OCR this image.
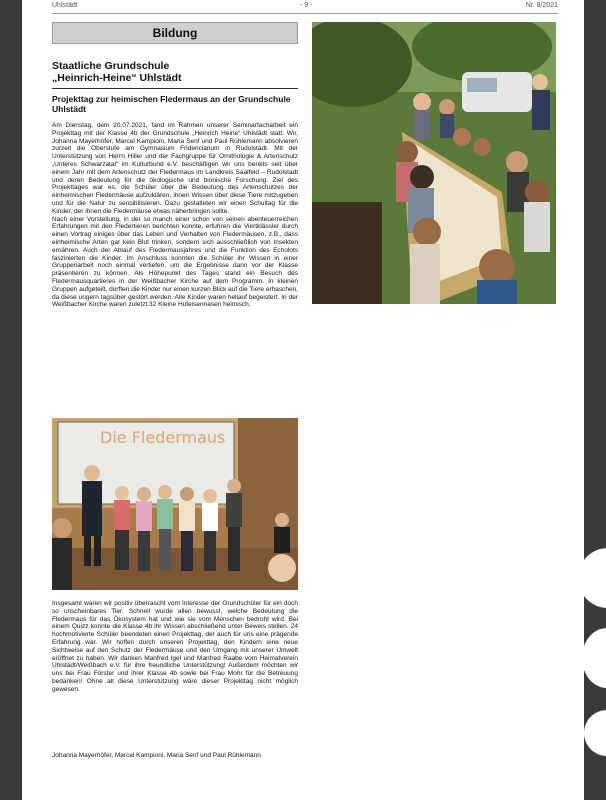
Uhlstädt	- 9 -	Nr. 8/2021
Bildung
Staatliche Grundschule
„Heinrich-Heine“ Uhlstädt
Projekttag zur heimischen Fledermaus an der Grundschule Uhlstädt

Am Dienstag, dem 20.07.2021, fand im Rahmen unserer Seminarfacharbeit ein Projekttag mit der Klasse 4b der Grundschule „Heinrich Heine“ Uhlstädt statt. Wir, Johanna Mayerhöfer, Marcel Kampioni, Maria Senf und Paul Rühlemann absolvieren zurzeit die Oberstufe am Gymnasium Fridericianum in Rudolstadt. Mit der Unterstützung von Herrn Hiller und der Fachgruppe für Ornithologie & Artenschutz „Unteres Schwarzatal“ im Kulturbund e.V. beschäftigen wir uns bereits seit über einem Jahr mit dem Artenschutz der Fledermaus im Landkreis Saalfeld – Rudolstadt und deren Bedeutung für die ökologische und bionische Forschung. Ziel des Projekttages war es, die Schüler über die Bedeutung des Artenschutzes der einheimischen Fledermäuse aufzuklären, ihnen Wissen über diese Tiere mitzugeben und für die Natur zu sensibilisieren. Dazu gestalteten wir einen Schultag für die Kinder, der ihnen die Fledermäuse etwas näherbringen sollte.

Nach einer Vorstellung, in der so manch einer schon von seinen abenteuerreichen Erfahrungen mit den Fledertieren berichten konnte, erfuhren die Viertklässler durch einen Vortrag einiges über das Leben und Verhalten von Fledermäusen, z.B., dass einheimische Arten gar kein Blut trinken, sondern sich ausschließlich von Insekten ernähren. Auch der Ablauf des Fledermausjahres und die Funktion des Echolots faszinierten die Kinder. Im Anschluss konnten die Schüler ihr Wissen in einer Gruppenarbeit noch einmal vertiefen, um die Ergebnisse dann vor der Klasse präsentieren zu können. Als Höhepunkt des Tages stand ein Besuch des Fledermausquartieres in der Weißbacher Kirche auf dem Programm. In kleinen Gruppen aufgeteilt, durften die Kinder nur einen kurzen Blick auf die Tiere erhaschen, da diese ungern tagsüber gestört werden. Alle Kinder waren hellauf begeistert. In der Weißbacher Kirche waren zuletzt 32 Kleine Hufeisennasen heimisch.

Die Fledermaus

Insgesamt waren wir positiv überrascht vom Interesse der Grundschüler für ein doch so unscheinbares Tier. Schnell wurde allen bewusst, welche Bedeutung die Fledermaus für das Ökosystem hat und wie sie vom Menschen bedroht wird. Bei einem Quizz konnte die Klasse 4b ihr Wissen abschließend unter Beweis stellen. 24 hochmotivierte Schüler beendeten einen Projekttag, der auch für uns eine prägende Erfahrung war. Wir hoffen durch unseren Projekttag, den Kindern eine neue Sichtweise auf den Schutz der Fledermäuse und den Umgang mit unserer Umwelt eröffnet zu haben. Wir danken Manfred Igel und Manfred Raabe vom Heimatverein Uhlstädt/Weißbach e.V. für ihre freundliche Unterstützung! Außerdem möchten wir uns bei Frau Förster und ihrer Klasse 4b sowie bei Frau Mohr für die Betreuung bedanken! Ohne all diese Unterstützung wäre dieser Projekttag nicht möglich gewesen.

Johanna Mayerhöfer, Marcel Kampioni, Maria Senf und Paul Rühlemann
